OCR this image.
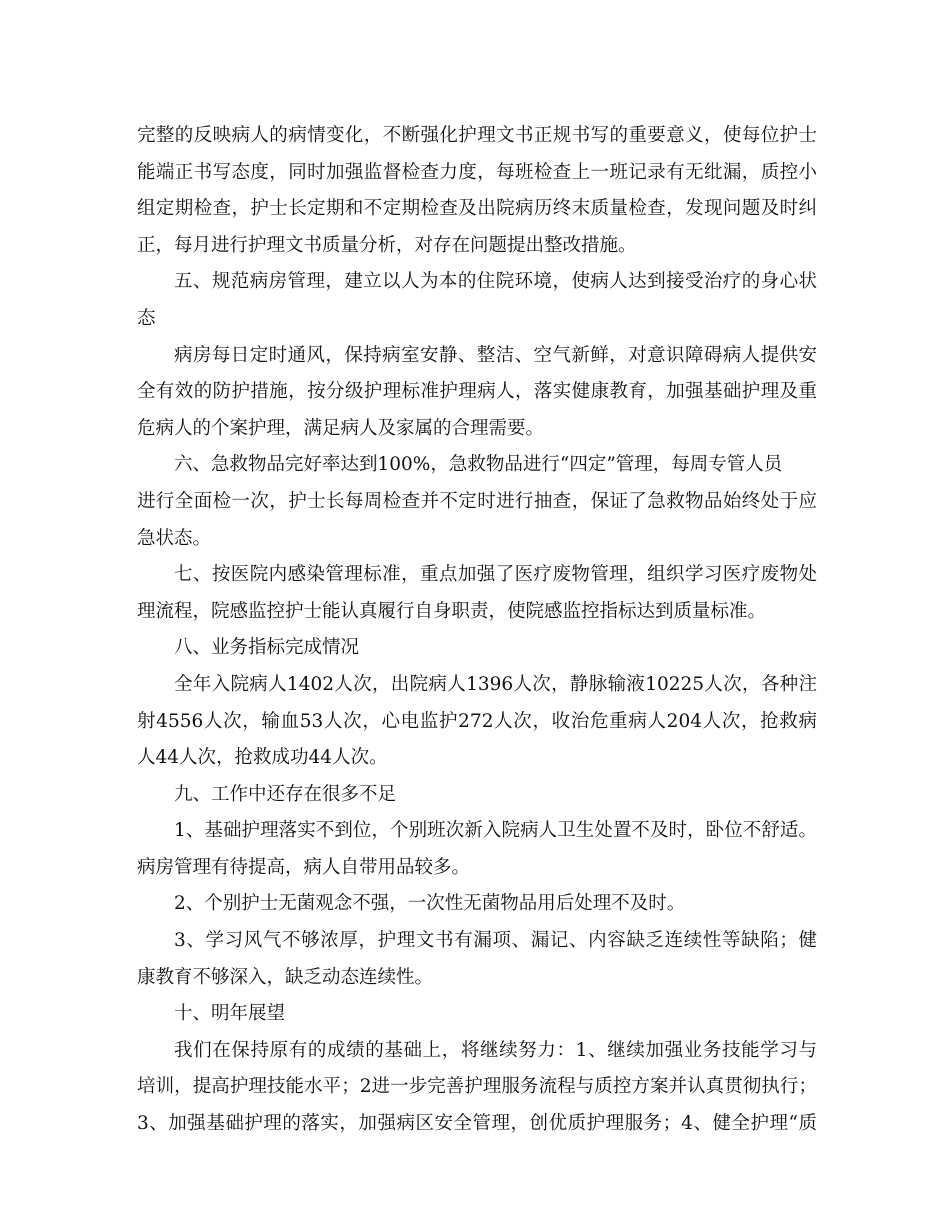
完整的反映病人的病情变化，不断强化护理文书正规书写的重要意义，使每位护士
能端正书写态度，同时加强监督检查力度，每班检查上一班记录有无纰漏，质控小
组定期检查，护士长定期和不定期检查及出院病历终末质量检查，发现问题及时纠
正，每月进行护理文书质量分析，对存在问题提出整改措施。
五、规范病房管理，建立以人为本的住院环境，使病人达到接受治疗的身心状
态
病房每日定时通风，保持病室安静、整洁、空气新鲜，对意识障碍病人提供安
全有效的防护措施，按分级护理标准护理病人，落实健康教育，加强基础护理及重
危病人的个案护理，满足病人及家属的合理需要。
六、急救物品完好率达到100%，急救物品进行“四定”管理，每周专管人员
进行全面检一次，护士长每周检查并不定时进行抽查，保证了急救物品始终处于应
急状态。
七、按医院内感染管理标准，重点加强了医疗废物管理，组织学习医疗废物处
理流程，院感监控护士能认真履行自身职责，使院感监控指标达到质量标准。
八、业务指标完成情况
全年入院病人1402人次，出院病人1396人次，静脉输液10225人次，各种注
射4556人次，输血53人次，心电监护272人次，收治危重病人204人次，抢救病
人44人次，抢救成功44人次。
九、工作中还存在很多不足
1、基础护理落实不到位，个别班次新入院病人卫生处置不及时，卧位不舒适。
病房管理有待提高，病人自带用品较多。
2、个别护士无菌观念不强，一次性无菌物品用后处理不及时。
3、学习风气不够浓厚，护理文书有漏项、漏记、内容缺乏连续性等缺陷；健
康教育不够深入，缺乏动态连续性。
十、明年展望
我们在保持原有的成绩的基础上，将继续努力：1、继续加强业务技能学习与
培训，提高护理技能水平；2进一步完善护理服务流程与质控方案并认真贯彻执行；
3、加强基础护理的落实，加强病区安全管理，创优质护理服务；4、健全护理“质
